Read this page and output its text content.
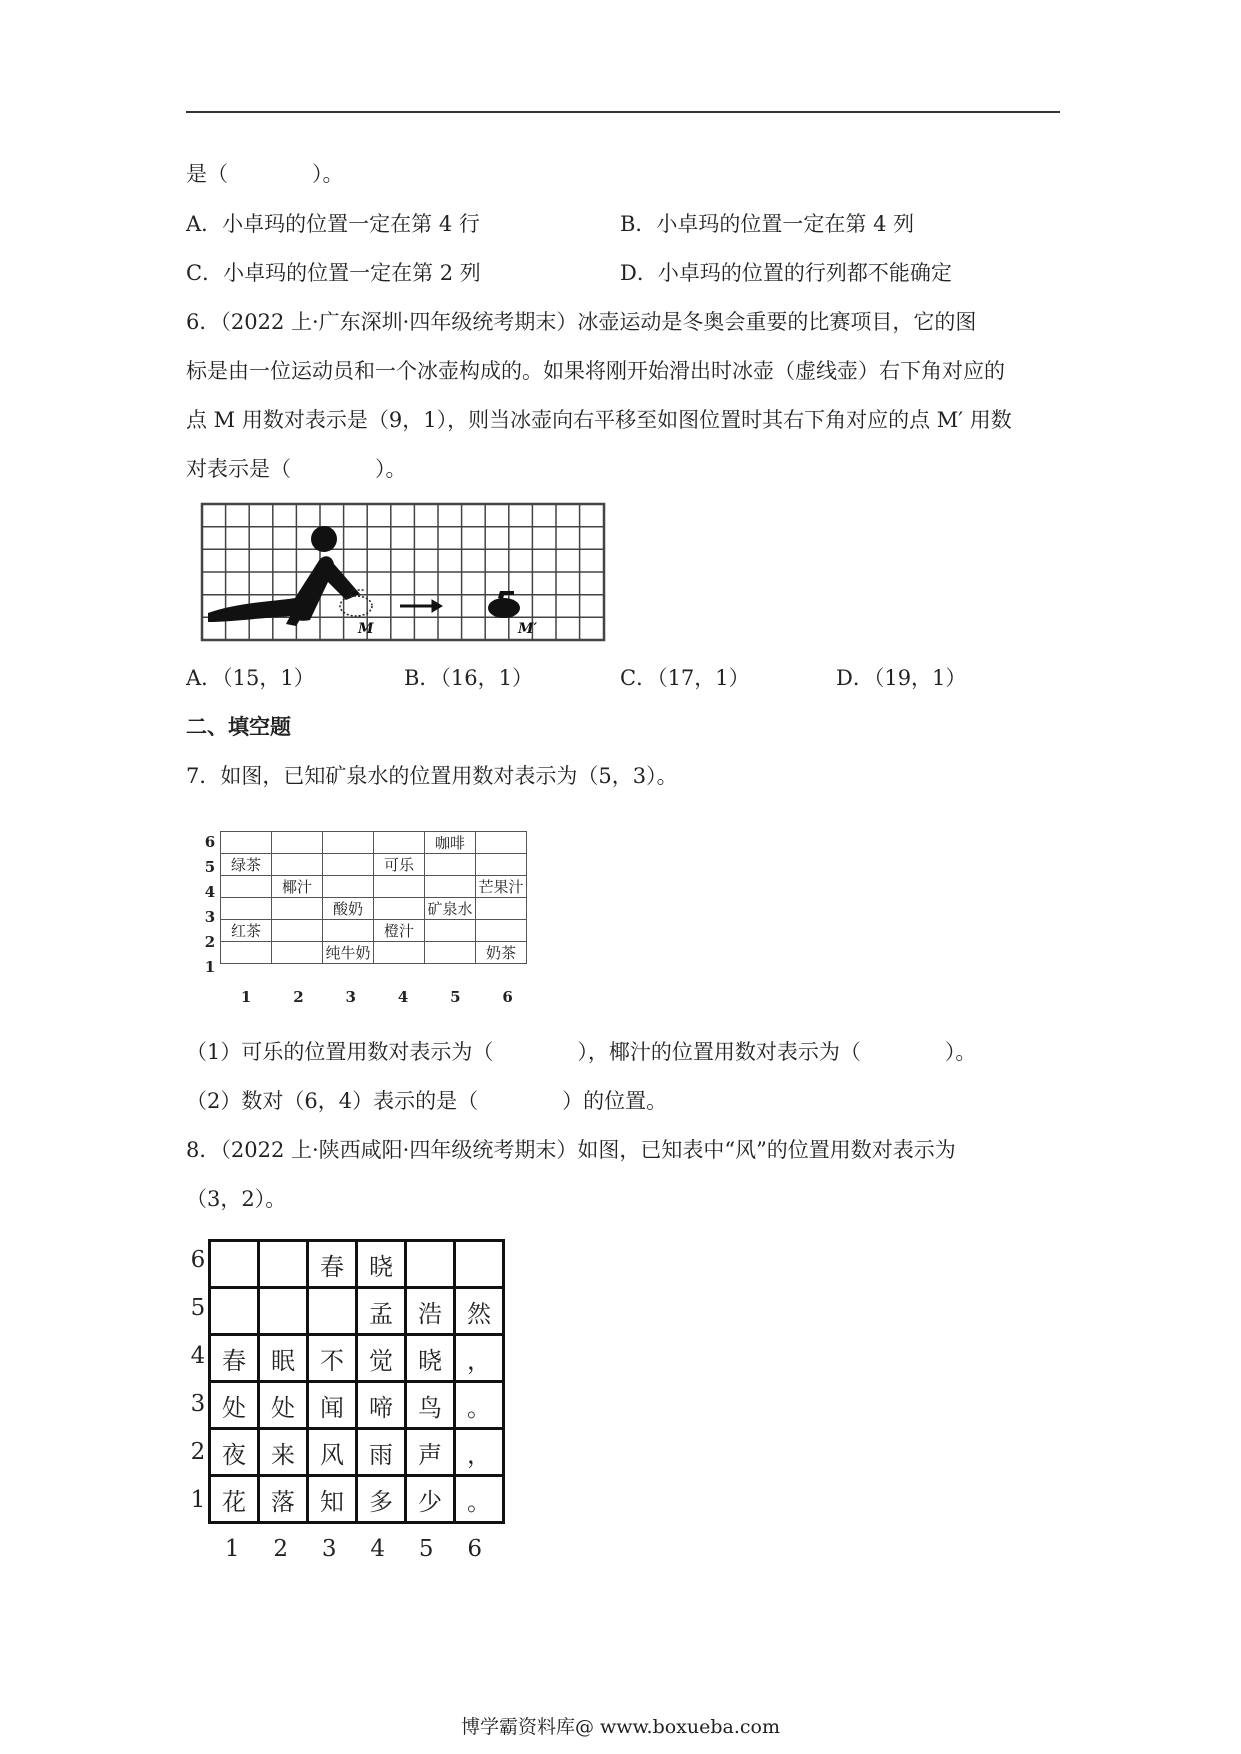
是（　　　　）。
A．小卓玛的位置一定在第 4 行	B．小卓玛的位置一定在第 4 列
C．小卓玛的位置一定在第 2 列	D．小卓玛的位置的行列都不能确定
6．（2022 上·广东深圳·四年级统考期末）冰壶运动是冬奥会重要的比赛项目，它的图
标是由一位运动员和一个冰壶构成的。如果将刚开始滑出时冰壶（虚线壶）右下角对应的
点 M 用数对表示是（9，1），则当冰壶向右平移至如图位置时其右下角对应的点 M′ 用数
对表示是（　　　　）。
M	M′
A．（15，1）	B．（16，1）	C．（17，1）	D．（19，1）
二、填空题
7．如图，已知矿泉水的位置用数对表示为（5，3）。
6
5
4
3
2
1
				咖啡	
绿茶			可乐		
	椰汁				芒果汁
		酸奶		矿泉水	
红茶			橙汁		
		纯牛奶			奶茶
1	2	3	4	5	6
（1）可乐的位置用数对表示为（　　　　），椰汁的位置用数对表示为（　　　　）。
（2）数对（6，4）表示的是（　　　　）的位置。
8．（2022 上·陕西咸阳·四年级统考期末）如图，已知表中“风”的位置用数对表示为
（3，2）。
6
5
4
3
2
1
		春	晓		
			孟	浩	然
春	眠	不	觉	晓	，
处	处	闻	啼	鸟	。
夜	来	风	雨	声	，
花	落	知	多	少	。
1 2 3 4 5 6
博学霸资料库@ www.boxueba.com
